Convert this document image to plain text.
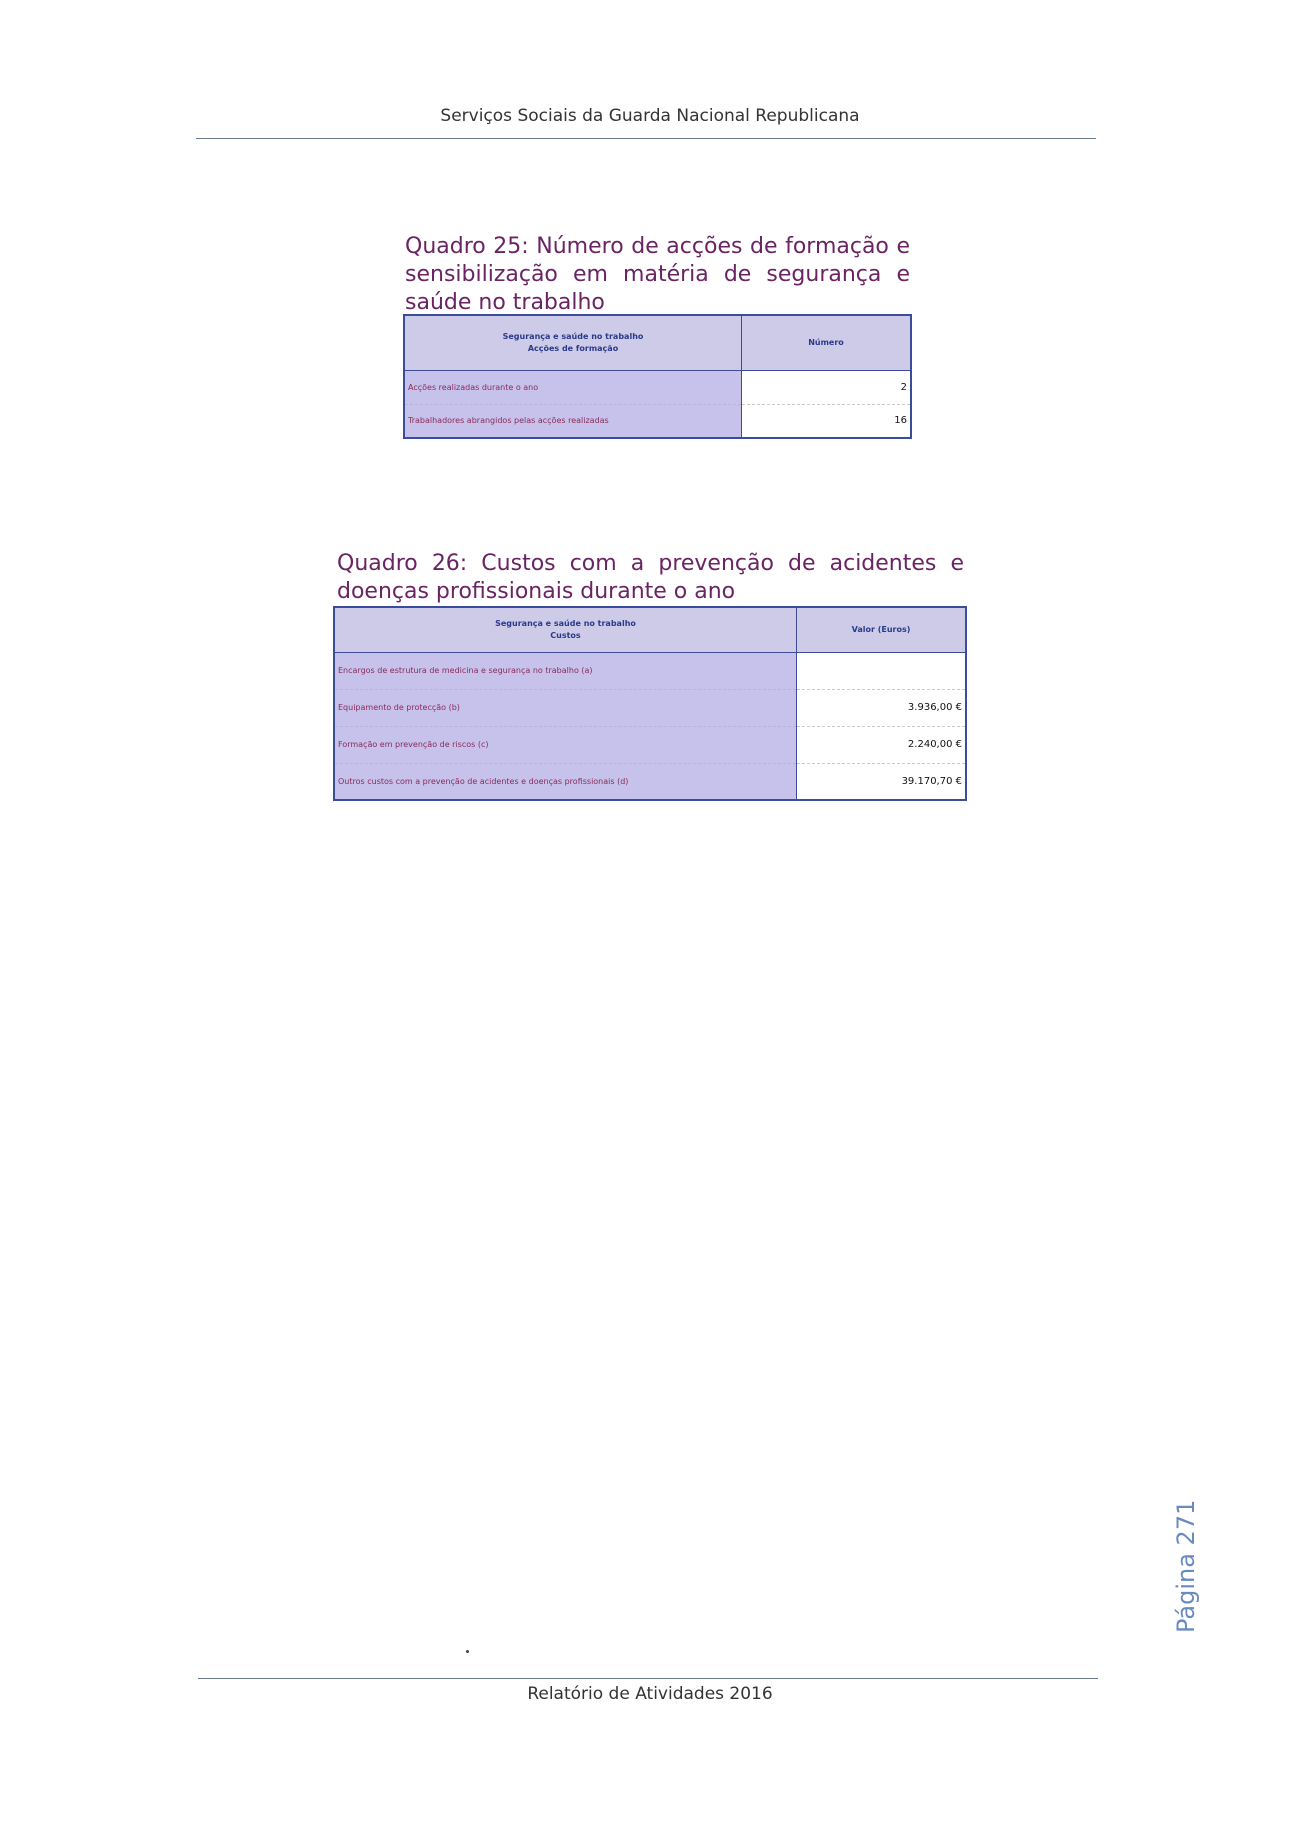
Serviços Sociais da Guarda Nacional Republicana
Quadro 25: Número de acções de formação e sensibilização em matéria de segurança e saúde no trabalho
Segurança e saúde no trabalho
Acções de formação	Número
Acções realizadas durante o ano	2
Trabalhadores abrangidos pelas acções realizadas	16
Quadro 26: Custos com a prevenção de acidentes e doenças profissionais durante o ano
Segurança e saúde no trabalho
Custos	Valor (Euros)
Encargos de estrutura de medicina e segurança no trabalho (a)	
Equipamento de protecção (b)	3.936,00 €
Formação em prevenção de riscos (c)	2.240,00 €
Outros custos com a prevenção de acidentes e doenças profissionais (d)	39.170,70 €
Página 271
Relatório de Atividades 2016
